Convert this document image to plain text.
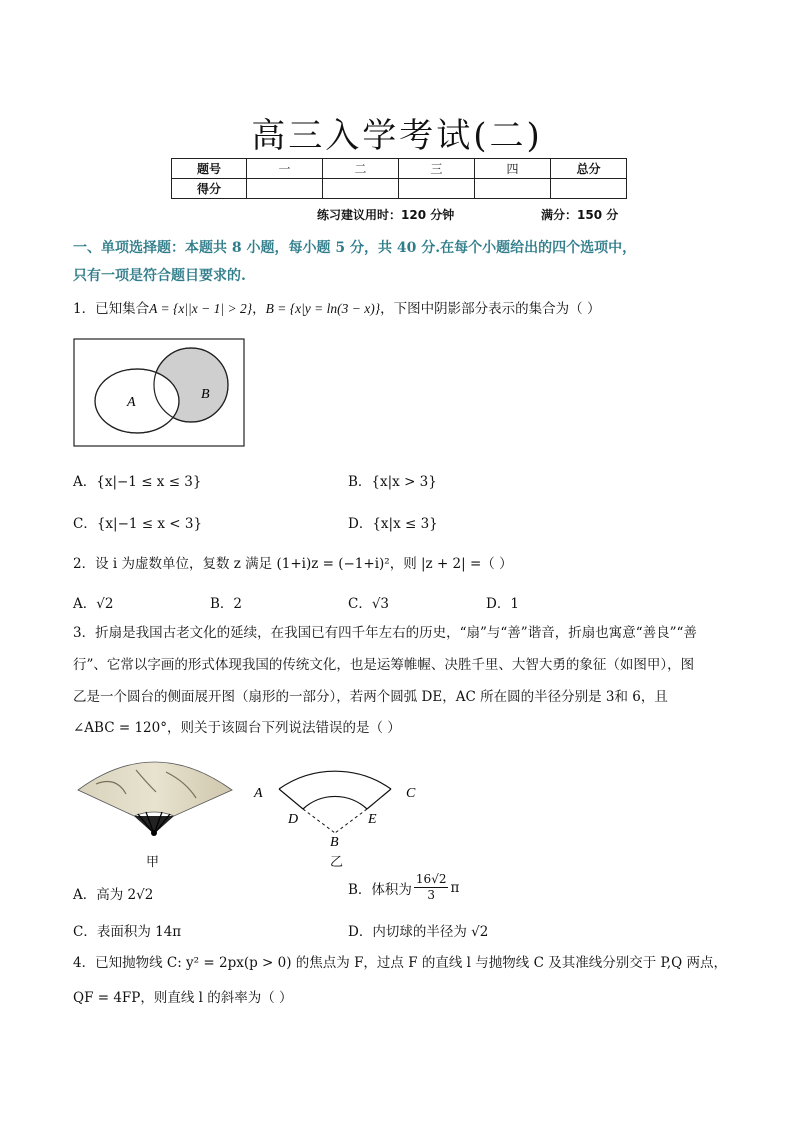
高三入学考试(二)
题号	一	二	三	四	总分
得分					
练习建议用时：120 分钟	满分：150 分
一、单项选择题：本题共 8 小题，每小题 5 分，共 40 分.在每个小题给出的四个选项中，
只有一项是符合题目要求的.
1．已知集合A = {x||x − 1| > 2}，B = {x|y = ln(3 − x)}，下图中阴影部分表示的集合为（ ）
A
B
A．{x|−1 ≤ x ≤ 3}	B．{x|x > 3}
C．{x|−1 ≤ x < 3}	D．{x|x ≤ 3}
2．设 i 为虚数单位，复数 z 满足 (1+i)z = (−1+i)²，则 |z + 2| =（ ）
A．√2	B．2	C．√3	D．1
3．折扇是我国古老文化的延续，在我国已有四千年左右的历史，“扇”与“善”谐音，折扇也寓意“善良”“善
行”、它常以字画的形式体现我国的传统文化，也是运筹帷幄、决胜千里、大智大勇的象征（如图甲），图
乙是一个圆台的侧面展开图（扇形的一部分），若两个圆弧 DE，AC 所在圆的半径分别是 3和 6，且
∠ABC = 120°，则关于该圆台下列说法错误的是（ ）
甲
A	C
D	E
B
乙
A．高为 2√2	B．体积为 $\frac{16√2}{3}$ π
C．表面积为 14π	D．内切球的半径为 √2
4．已知抛物线 C: y² = 2px(p > 0) 的焦点为 F，过点 F 的直线 l 与抛物线 C 及其准线分别交于 P,Q 两点，
QF = 4FP，则直线 l 的斜率为（ ）
